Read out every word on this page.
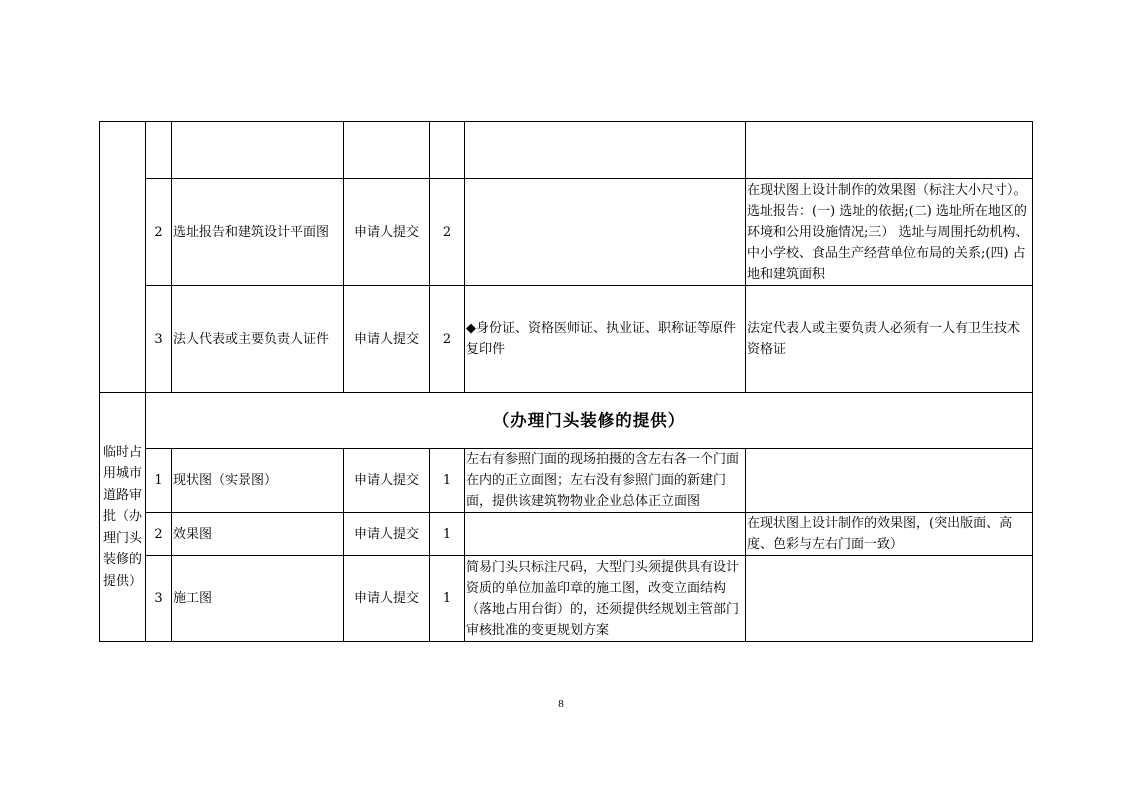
	2	选址报告和建筑设计平面图	申请人提交	2		在现状图上设计制作的效果图（标注大小尺寸）。选址报告：(一) 选址的依据;(二) 选址所在地区的环境和公用设施情况;三） 选址与周围托幼机构、中小学校、食品生产经营单位布局的关系;(四) 占地和建筑面积
	3	法人代表或主要负责人证件	申请人提交	2	◆身份证、资格医师证、执业证、职称证等原件复印件	法定代表人或主要负责人必须有一人有卫生技术资格证
临时占用城市道路审批（办理门头装修的提供）	（办理门头装修的提供）					
	1	现状图（实景图）	申请人提交	1	左右有参照门面的现场拍摄的含左右各一个门面在内的正立面图；左右没有参照门面的新建门面，提供该建筑物物业企业总体正立面图	
	2	效果图	申请人提交	1		在现状图上设计制作的效果图，(突出版面、高度、色彩与左右门面一致）
	3	施工图	申请人提交	1	简易门头只标注尺码，大型门头须提供具有设计资质的单位加盖印章的施工图，改变立面结构（落地占用台街）的，还须提供经规划主管部门审核批准的变更规划方案	
8
